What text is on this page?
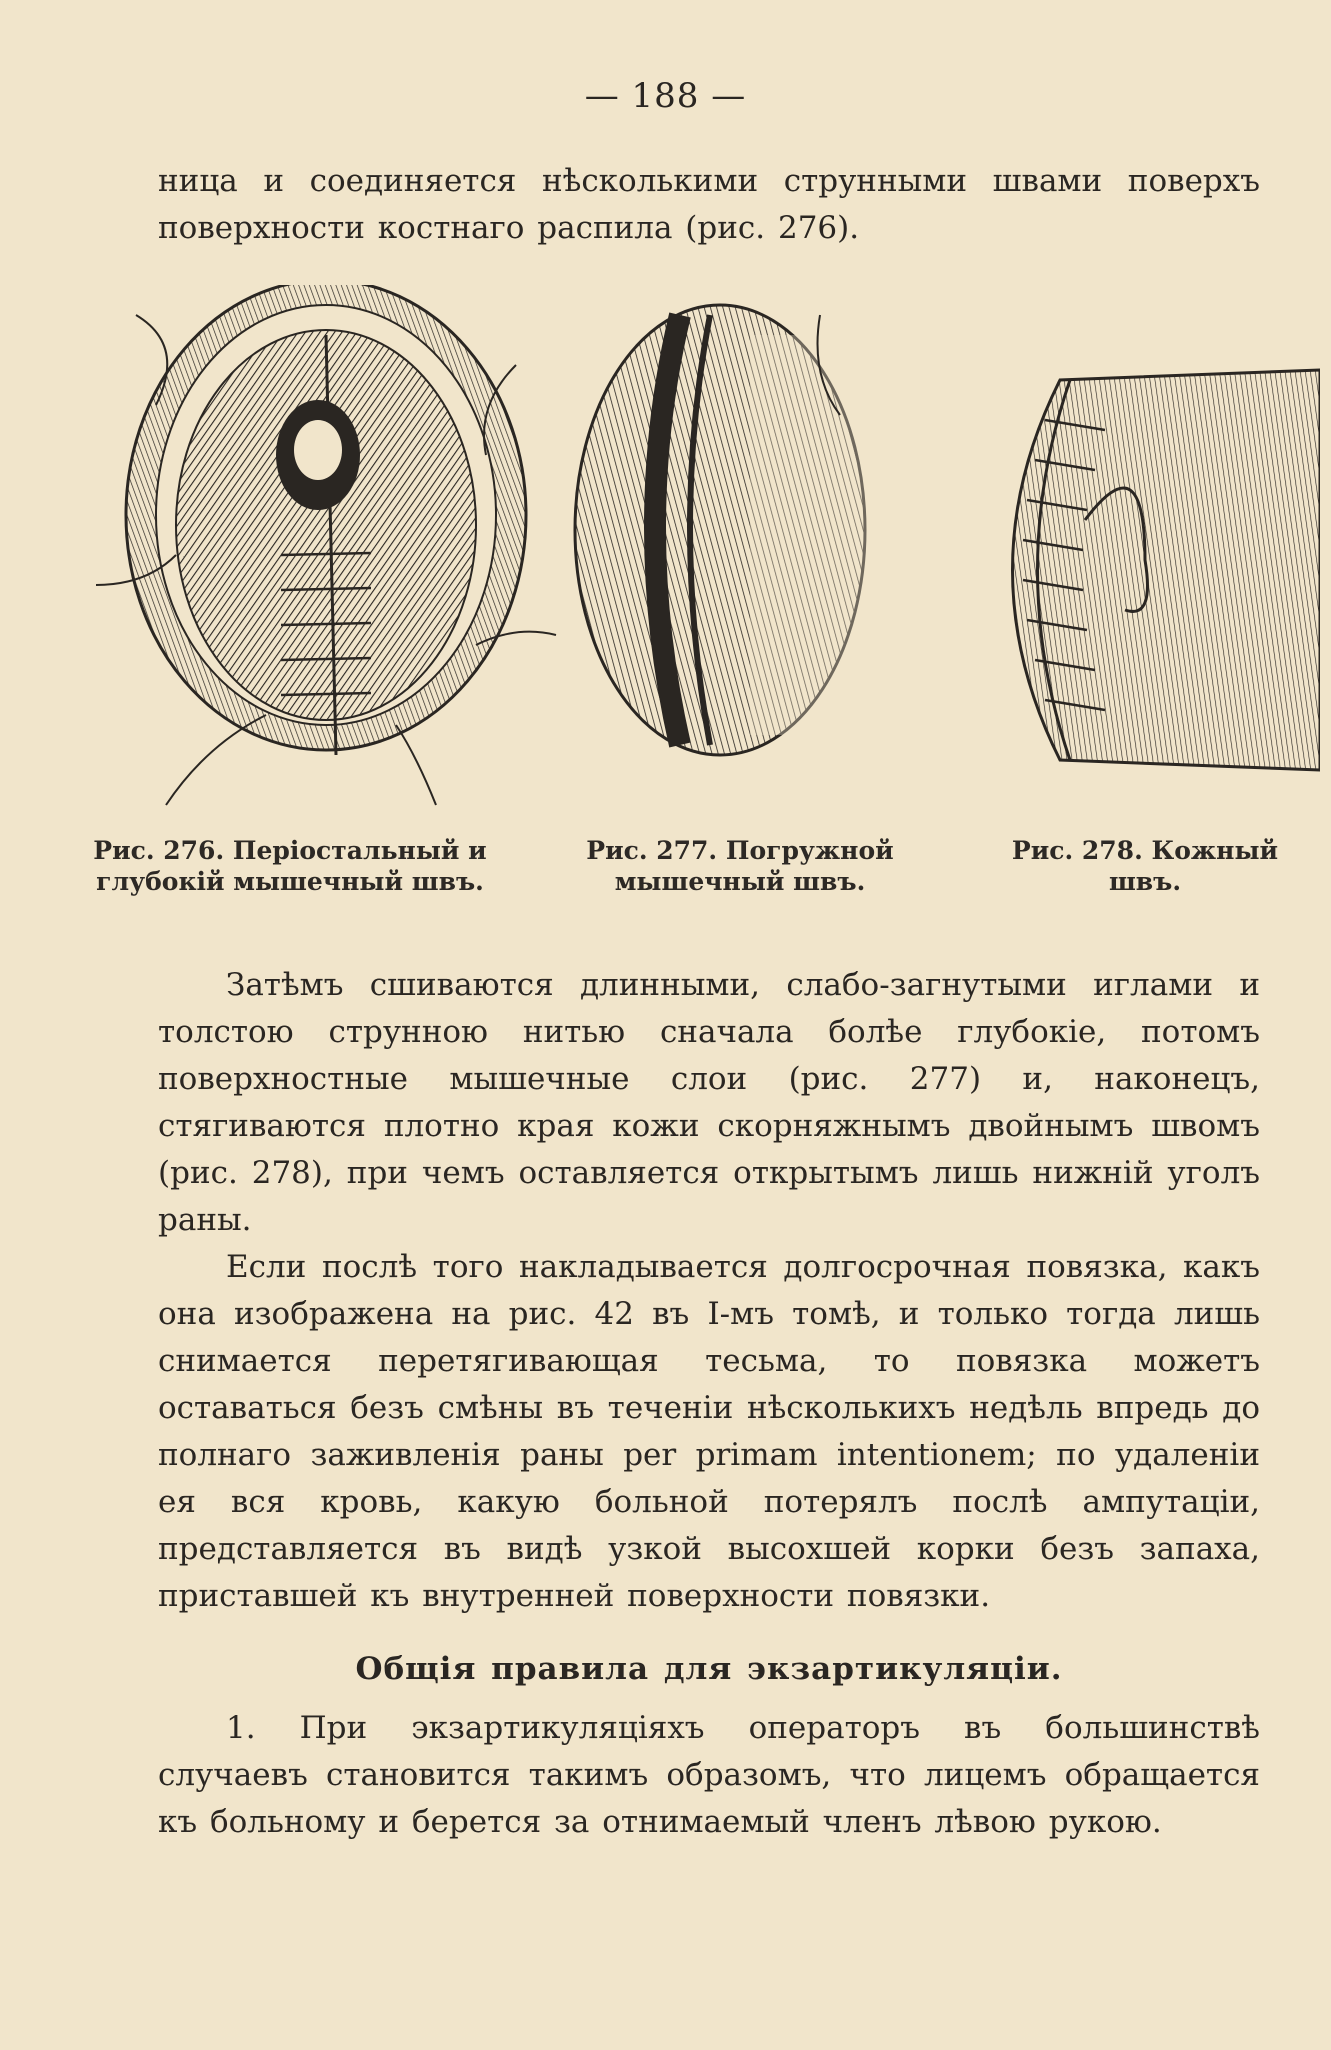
— 188 —

ница и соединяется нѣсколькими струнными швами поверхъ поверхности костнаго распила (рис. 276).

Рис. 276. Періостальный и глубокій мышечный швъ.
Рис. 277. Погружной мышечный швъ.
Рис. 278. Кожный швъ.

Затѣмъ сшиваются длинными, слабо-загнутыми иглами и толстою струнною нитью сначала болѣе глубокіе, потомъ поверхностные мышечные слои (рис. 277) и, наконецъ, стягиваются плотно края кожи скорняжнымъ двойнымъ швомъ (рис. 278), при чемъ оставляется открытымъ лишь нижній уголъ раны.

Если послѣ того накладывается долгосрочная повязка, какъ она изображена на рис. 42 въ I-мъ томѣ, и только тогда лишь снимается перетягивающая тесьма, то повязка можетъ оставаться безъ смѣны въ теченіи нѣсколькихъ недѣль впредь до полнаго заживленія раны per primam intentionem; по удаленіи ея вся кровь, какую больной потерялъ послѣ ампутаціи, представляется въ видѣ узкой высохшей корки безъ запаха, приставшей къ внутренней поверхности повязки.

Общія правила для экзартикуляціи.

1. При экзартикуляціяхъ операторъ въ большинствѣ случаевъ становится такимъ образомъ, что лицемъ обращается къ больному и берется за отнимаемый членъ лѣвою рукою.
